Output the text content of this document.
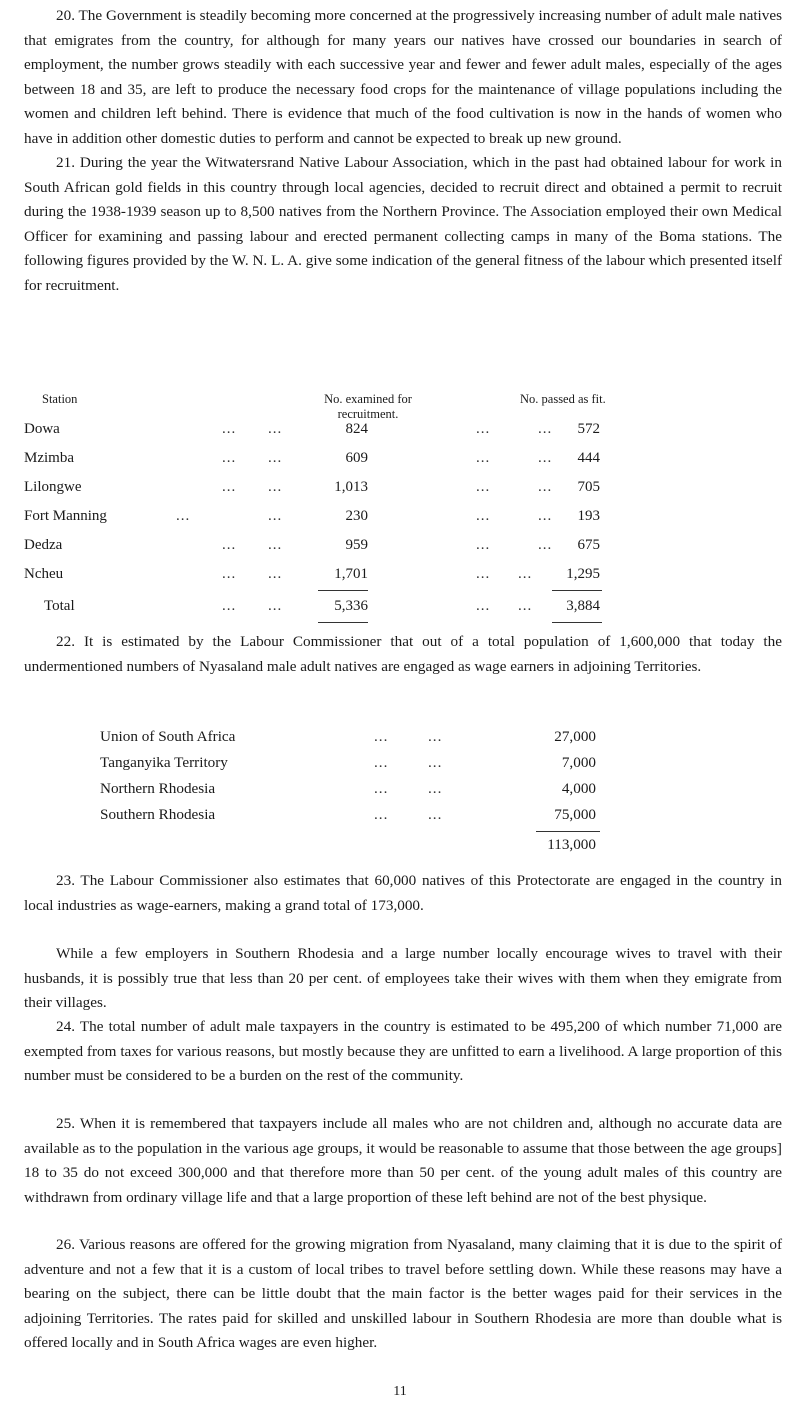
20. The Government is steadily becoming more concerned at the progressively increasing number of adult male natives that emigrates from the country, for although for many years our natives have crossed our boundaries in search of employment, the number grows steadily with each successive year and fewer and fewer adult males, especially of the ages between 18 and 35, are left to produce the necessary food crops for the maintenance of village populations including the women and children left behind. There is evidence that much of the food cultivation is now in the hands of women who have in addition other domestic duties to perform and cannot be expected to break up new ground.

21. During the year the Witwatersrand Native Labour Association, which in the past had obtained labour for work in South African gold fields in this country through local agencies, decided to recruit direct and obtained a permit to recruit during the 1938-1939 season up to 8,500 natives from the Northern Province. The Association employed their own Medical Officer for examining and passing labour and erected permanent collecting camps in many of the Boma stations. The following figures provided by the W. N. L. A. give some indication of the general fitness of the labour which presented itself for recruitment.

Station	No. examined for
recruitment.
No. passed as fit.
Dowa	... ...	824	...	...	572
Mzimba	... ...	609	...	...	444
Lilongwe	... ...	1,013	...	...	705
Fort Manning	...	...	230	...	...	193
Dedza	... ...	959	...	...	675
Ncheu	... ...	1,701	... ...	1,295
Total	... ...	5,336	... ...	3,884

22. It is estimated by the Labour Commissioner that out of a total population of 1,600,000 that today the undermentioned numbers of Nyasaland male adult natives are engaged as wage earners in adjoining Territories.

Union of South Africa	...	...	27,000
Tanganyika Territory	...	...	7,000
Northern Rhodesia	...	...	4,000
Southern Rhodesia	...	...	75,000
113,000

23. The Labour Commissioner also estimates that 60,000 natives of this Protectorate are engaged in the country in local industries as wage-earners, making a grand total of 173,000.

While a few employers in Southern Rhodesia and a large number locally encourage wives to travel with their husbands, it is possibly true that less than 20 per cent. of employees take their wives with them when they emigrate from their villages.

24. The total number of adult male taxpayers in the country is estimated to be 495,200 of which number 71,000 are exempted from taxes for various reasons, but mostly because they are unfitted to earn a livelihood. A large proportion of this number must be considered to be a burden on the rest of the community.

25. When it is remembered that taxpayers include all males who are not children and, although no accurate data are available as to the population in the various age groups, it would be reasonable to assume that those between the age groups] 18 to 35 do not exceed 300,000 and that therefore more than 50 per cent. of the young adult males of this country are withdrawn from ordinary village life and that a large proportion of these left behind are not of the best physique.

26. Various reasons are offered for the growing migration from Nyasaland, many claiming that it is due to the spirit of adventure and not a few that it is a custom of local tribes to travel before settling down. While these reasons may have a bearing on the subject, there can be little doubt that the main factor is the better wages paid for their services in the adjoining Territories. The rates paid for skilled and unskilled labour in Southern Rhodesia are more than double what is offered locally and in South Africa wages are even higher.

11
